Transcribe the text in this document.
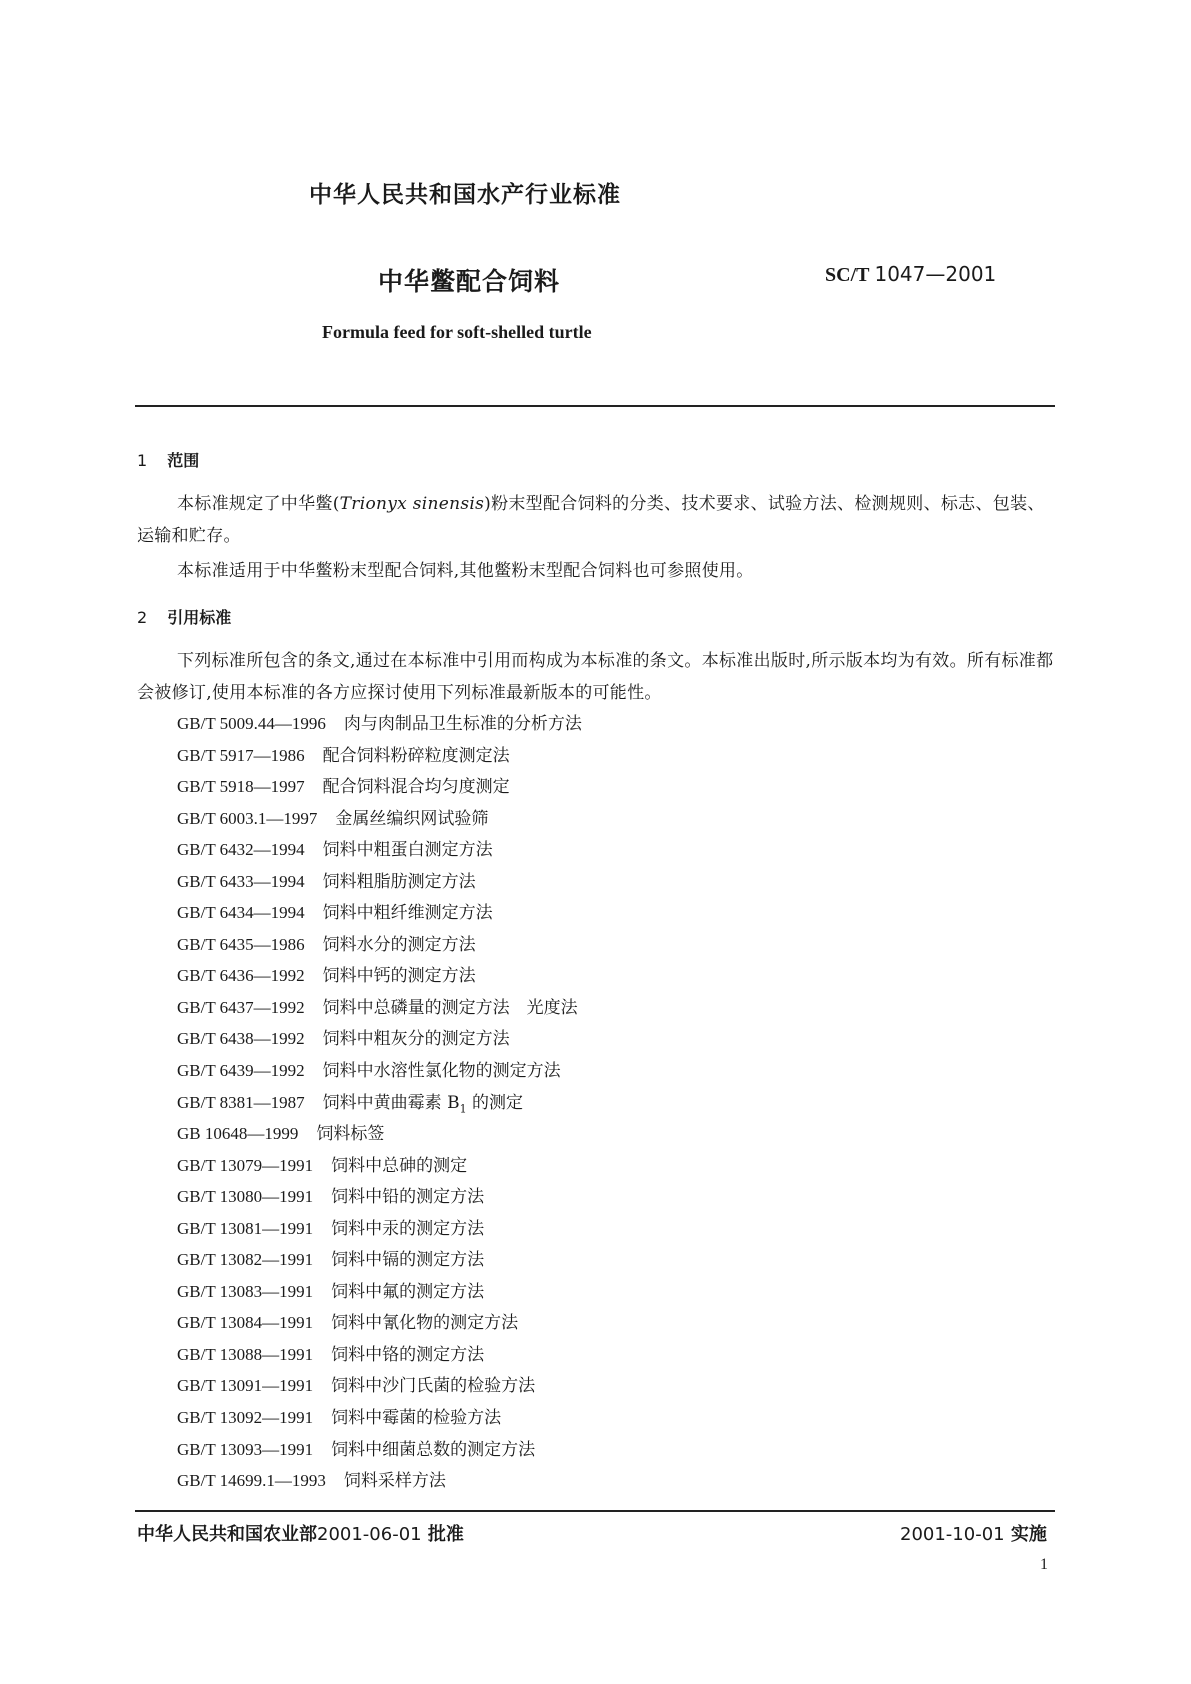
中华人民共和国水产行业标准
中华鳖配合饲料	SC/T 1047—2001
Formula feed for soft-shelled turtle
1 范围
本标准规定了中华鳖(Trionyx sinensis)粉末型配合饲料的分类、技术要求、试验方法、检测规则、标志、包装、运输和贮存。
本标准适用于中华鳖粉末型配合饲料,其他鳖粉末型配合饲料也可参照使用。
2 引用标准
下列标准所包含的条文,通过在本标准中引用而构成为本标准的条文。本标准出版时,所示版本均为有效。所有标准都会被修订,使用本标准的各方应探讨使用下列标准最新版本的可能性。
GB/T 5009.44—1996 肉与肉制品卫生标准的分析方法
GB/T 5917—1986 配合饲料粉碎粒度测定法
GB/T 5918—1997 配合饲料混合均匀度测定
GB/T 6003.1—1997 金属丝编织网试验筛
GB/T 6432—1994 饲料中粗蛋白测定方法
GB/T 6433—1994 饲料粗脂肪测定方法
GB/T 6434—1994 饲料中粗纤维测定方法
GB/T 6435—1986 饲料水分的测定方法
GB/T 6436—1992 饲料中钙的测定方法
GB/T 6437—1992 饲料中总磷量的测定方法　光度法
GB/T 6438—1992 饲料中粗灰分的测定方法
GB/T 6439—1992 饲料中水溶性氯化物的测定方法
GB/T 8381—1987 饲料中黄曲霉素 $B_1$ 的测定
GB 10648—1999 饲料标签
GB/T 13079—1991 饲料中总砷的测定
GB/T 13080—1991 饲料中铅的测定方法
GB/T 13081—1991 饲料中汞的测定方法
GB/T 13082—1991 饲料中镉的测定方法
GB/T 13083—1991 饲料中氟的测定方法
GB/T 13084—1991 饲料中氰化物的测定方法
GB/T 13088—1991 饲料中铬的测定方法
GB/T 13091—1991 饲料中沙门氏菌的检验方法
GB/T 13092—1991 饲料中霉菌的检验方法
GB/T 13093—1991 饲料中细菌总数的测定方法
GB/T 14699.1—1993 饲料采样方法
中华人民共和国农业部2001-06-01 批准	2001-10-01 实施
1
